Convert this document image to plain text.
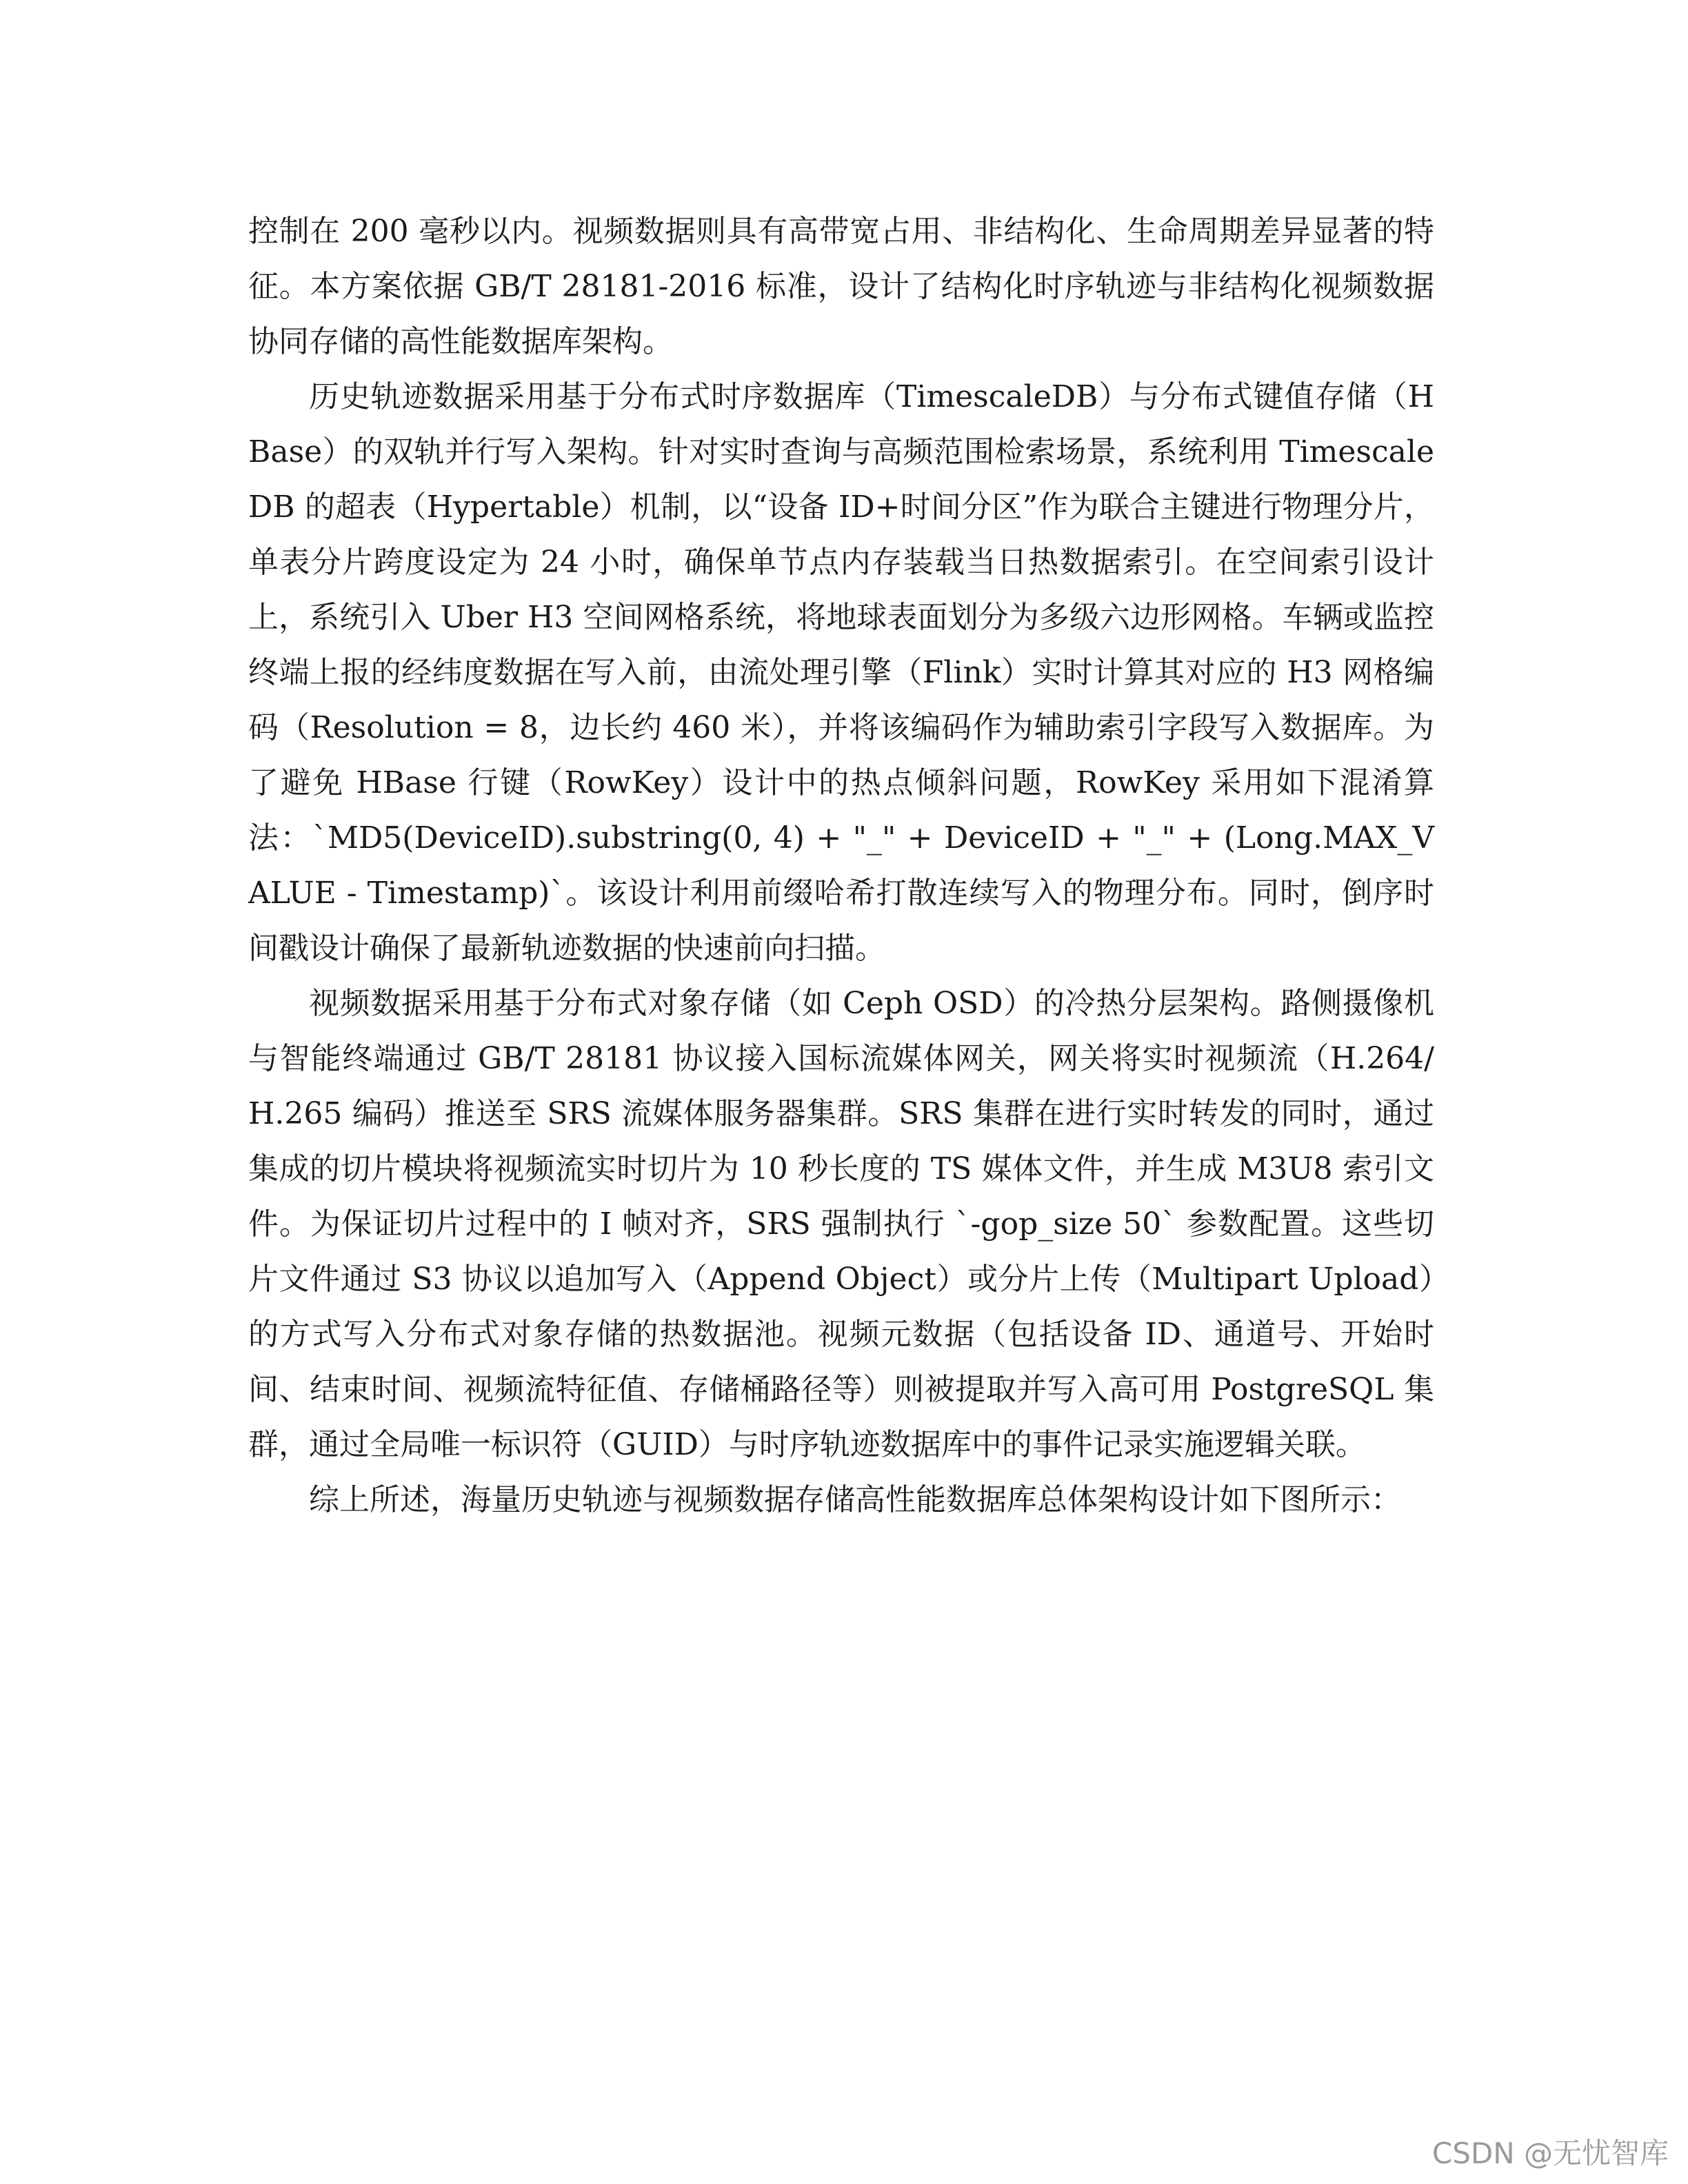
控制在 200 毫秒以内。视频数据则具有高带宽占用、非结构化、生命周期差异显著的特征。本方案依据 GB/T 28181-2016 标准，设计了结构化时序轨迹与非结构化视频数据协同存储的高性能数据库架构。

历史轨迹数据采用基于分布式时序数据库（TimescaleDB）与分布式键值存储（HBase）的双轨并行写入架构。针对实时查询与高频范围检索场景，系统利用 TimescaleDB 的超表（Hypertable）机制，以“设备 ID+时间分区”作为联合主键进行物理分片，单表分片跨度设定为 24 小时，确保单节点内存装载当日热数据索引。在空间索引设计上，系统引入 Uber H3 空间网格系统，将地球表面划分为多级六边形网格。车辆或监控终端上报的经纬度数据在写入前，由流处理引擎（Flink）实时计算其对应的 H3 网格编码（Resolution = 8，边长约 460 米），并将该编码作为辅助索引字段写入数据库。为了避免 HBase 行键（RowKey）设计中的热点倾斜问题，RowKey 采用如下混淆算法：`MD5(DeviceID).substring(0, 4) + "_" + DeviceID + "_" + (Long.MAX_VALUE - Timestamp)`。该设计利用前缀哈希打散连续写入的物理分布。同时，倒序时间戳设计确保了最新轨迹数据的快速前向扫描。

视频数据采用基于分布式对象存储（如 Ceph OSD）的冷热分层架构。路侧摄像机与智能终端通过 GB/T 28181 协议接入国标流媒体网关，网关将实时视频流（H.264/H.265 编码）推送至 SRS 流媒体服务器集群。SRS 集群在进行实时转发的同时，通过集成的切片模块将视频流实时切片为 10 秒长度的 TS 媒体文件，并生成 M3U8 索引文件。为保证切片过程中的 I 帧对齐，SRS 强制执行 `-gop_size 50` 参数配置。这些切片文件通过 S3 协议以追加写入（Append Object）或分片上传（Multipart Upload）的方式写入分布式对象存储的热数据池。视频元数据（包括设备 ID、通道号、开始时间、结束时间、视频流特征值、存储桶路径等）则被提取并写入高可用 PostgreSQL 集群，通过全局唯一标识符（GUID）与时序轨迹数据库中的事件记录实施逻辑关联。

综上所述，海量历史轨迹与视频数据存储高性能数据库总体架构设计如下图所示：

CSDN @无忧智库
